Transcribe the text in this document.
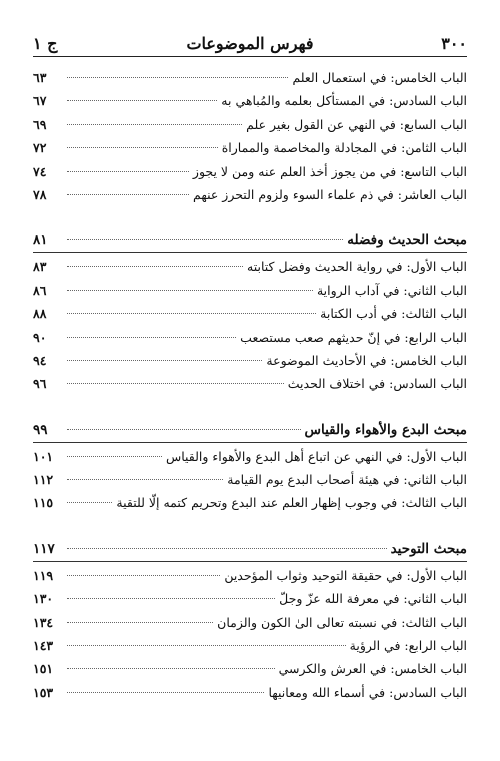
٣٠٠
فهرس الموضوعات
ج ١
الباب الخامس: في استعمال العلم
٦٣
الباب السادس: في المستأكل بعلمه والمُباهي به
٦٧
الباب السابع: في النهي عن القول بغير علم
٦٩
الباب الثامن: في المجادلة والمخاصمة والمماراة
٧٢
الباب التاسع: في من يجوز أخذ العلم عنه ومن لا يجوز
٧٤
الباب العاشر: في ذم علماء السوء ولزوم التحرز عنهم
٧٨
مبحث الحديث وفضله
٨١
الباب الأول: في رواية الحديث وفضل كتابته
٨٣
الباب الثاني: في آداب الرواية
٨٦
الباب الثالث: في أدب الكتابة
٨٨
الباب الرابع: في إنّ حديثهم صعب مستصعب
٩٠
الباب الخامس: في الأحاديث الموضوعة
٩٤
الباب السادس: في اختلاف الحديث
٩٦
مبحث البدع والأهواء والقياس
٩٩
الباب الأول: في النهي عن اتباع أهل البدع والأهواء والقياس
١٠١
الباب الثاني: في هيئة أصحاب البدع يوم القيامة
١١٢
الباب الثالث: في وجوب إظهار العلم عند البدع وتحريم كتمه إلّا للتقية
١١٥
مبحث التوحيد
١١٧
الباب الأول: في حقيقة التوحيد وثواب المؤحدين
١١٩
الباب الثاني: في معرفة الله عزّ وجلّ
١٣٠
الباب الثالث: في نسبته تعالى الىٰ الكون والزمان
١٣٤
الباب الرابع: في الرؤية
١٤٣
الباب الخامس: في العرش والكرسي
١٥١
الباب السادس: في أسماء الله ومعانيها
١٥٣
